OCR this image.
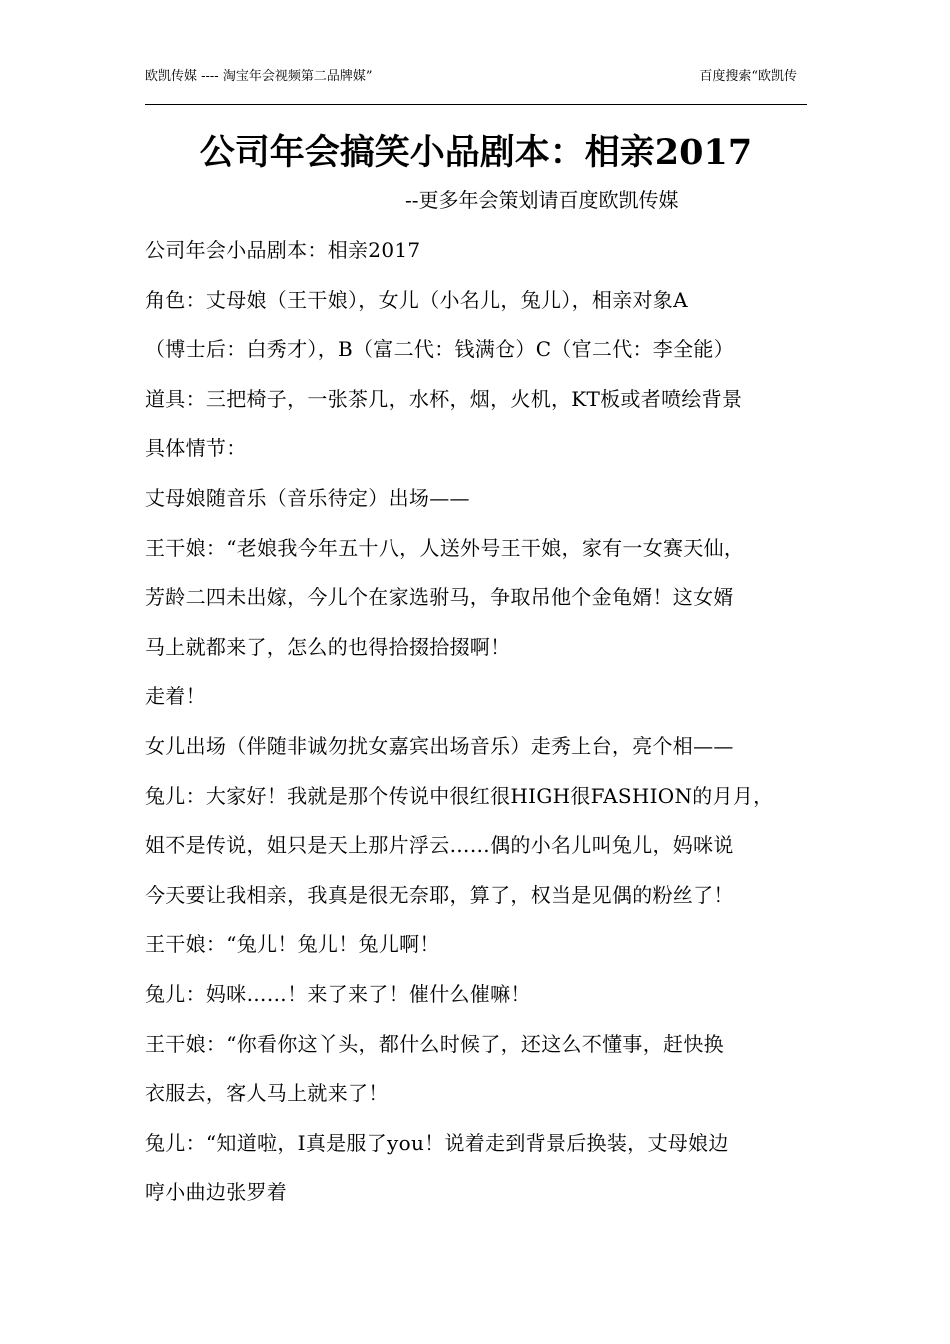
欧凯传媒 ---- 淘宝年会视频第二品牌媒”	百度搜索“欧凯传
公司年会搞笑小品剧本：相亲2017
--更多年会策划请百度欧凯传媒
公司年会小品剧本：相亲2017
角色：丈母娘（王干娘），女儿（小名儿，兔儿），相亲对象A
（博士后：白秀才），B（富二代：钱满仓）C（官二代：李全能）
道具：三把椅子，一张茶几，水杯，烟，火机，KT板或者喷绘背景
具体情节：
丈母娘随音乐（音乐待定）出场——
王干娘：“老娘我今年五十八，人送外号王干娘，家有一女赛天仙，
芳龄二四未出嫁，今儿个在家选驸马，争取吊他个金龟婿！这女婿
马上就都来了，怎么的也得拾掇拾掇啊！
走着！
女儿出场（伴随非诚勿扰女嘉宾出场音乐）走秀上台，亮个相——
兔儿：大家好！我就是那个传说中很红很HIGH很FASHION的月月，
姐不是传说，姐只是天上那片浮云……偶的小名儿叫兔儿，妈咪说
今天要让我相亲，我真是很无奈耶，算了，权当是见偶的粉丝了！
王干娘：“兔儿！兔儿！兔儿啊！
兔儿：妈咪……！来了来了！催什么催嘛！
王干娘：“你看你这丫头，都什么时候了，还这么不懂事，赶快换
衣服去，客人马上就来了！
兔儿：“知道啦，I真是服了you！说着走到背景后换装，丈母娘边
哼小曲边张罗着
